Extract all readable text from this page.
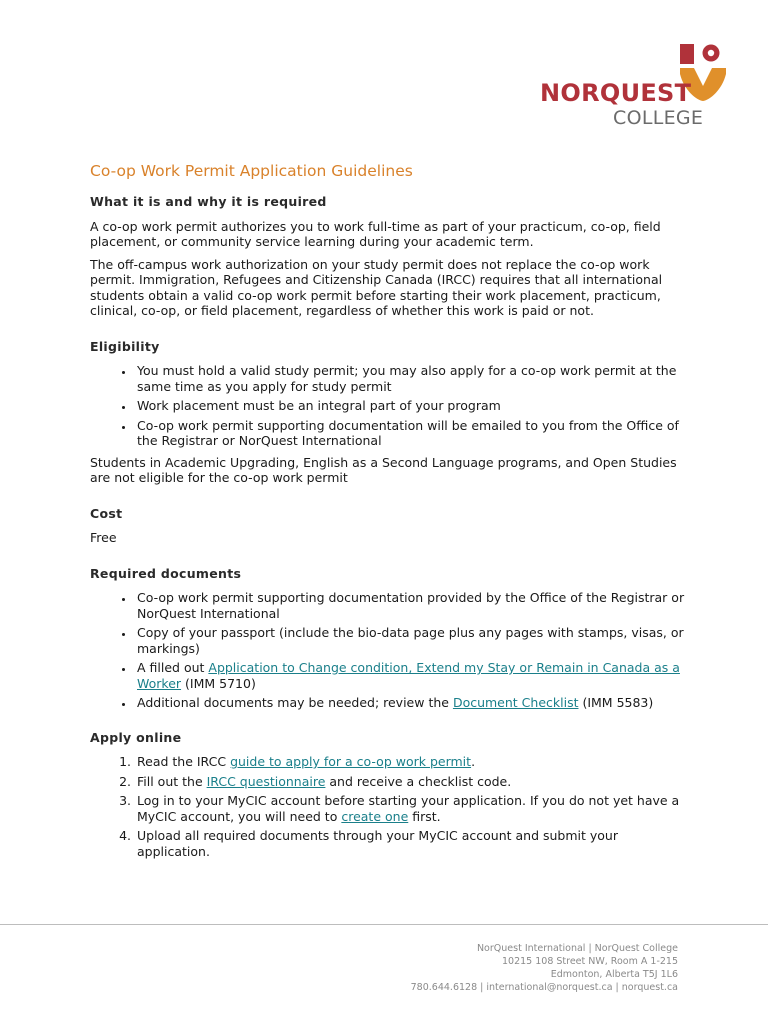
NORQUEST
COLLEGE
Co-op Work Permit Application Guidelines
What it is and why it is required

A co-op work permit authorizes you to work full-time as part of your practicum, co-op, field placement, or community service learning during your academic term.

The off-campus work authorization on your study permit does not replace the co-op work permit. Immigration, Refugees and Citizenship Canada (IRCC) requires that all international students obtain a valid co-op work permit before starting their work placement, practicum, clinical, co-op, or field placement, regardless of whether this work is paid or not.

Eligibility
• You must hold a valid study permit; you may also apply for a co-op work permit at the same time as you apply for study permit
• Work placement must be an integral part of your program
• Co-op work permit supporting documentation will be emailed to you from the Office of the Registrar or NorQuest International

Students in Academic Upgrading, English as a Second Language programs, and Open Studies are not eligible for the co-op work permit

Cost

Free

Required documents
• Co-op work permit supporting documentation provided by the Office of the Registrar or NorQuest International
• Copy of your passport (include the bio-data page plus any pages with stamps, visas, or markings)
• A filled out Application to Change condition, Extend my Stay or Remain in Canada as a Worker (IMM 5710)
• Additional documents may be needed; review the Document Checklist (IMM 5583)
Apply online
1. Read the IRCC guide to apply for a co-op work permit.
2. Fill out the IRCC questionnaire and receive a checklist code.
3. Log in to your MyCIC account before starting your application. If you do not yet have a MyCIC account, you will need to create one first.
4. Upload all required documents through your MyCIC account and submit your application.
NorQuest International | NorQuest College
10215 108 Street NW, Room A 1-215
Edmonton, Alberta T5J 1L6
780.644.6128 | international@norquest.ca | norquest.ca
